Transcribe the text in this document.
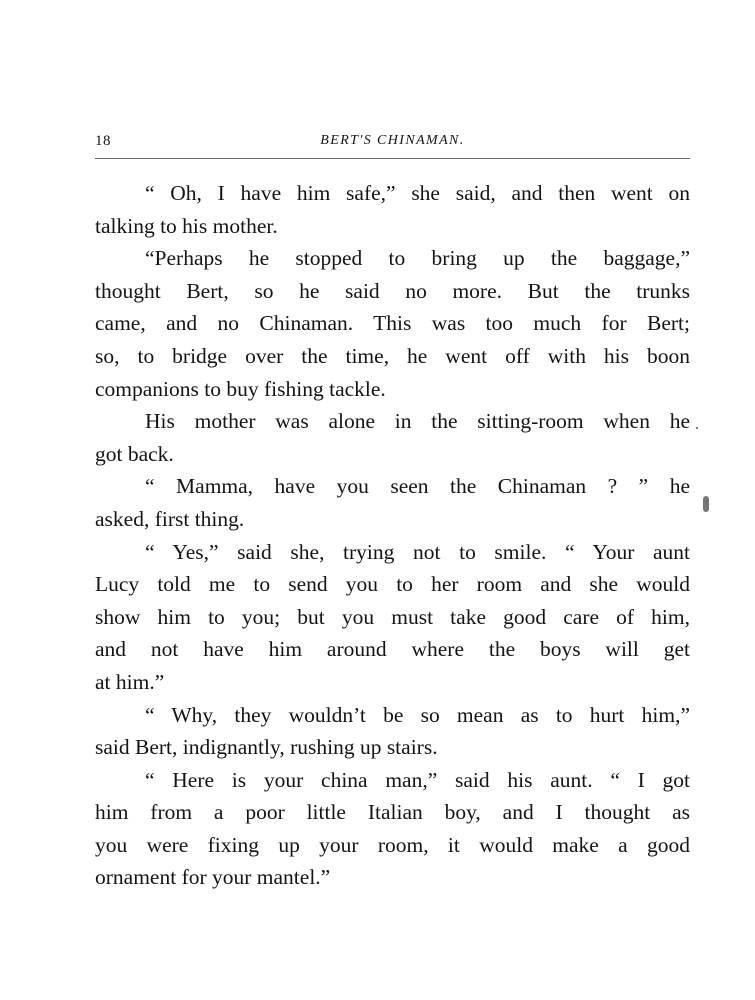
18	BERT'S CHINAMAN.
“ Oh, I have him safe,” she said, and then went on
talking to his mother.
“Perhaps he stopped to bring up the baggage,”
thought Bert, so he said no more. But the trunks
came, and no Chinaman. This was too much for Bert;
so, to bridge over the time, he went off with his boon
companions to buy fishing tackle.
His mother was alone in the sitting-room when he
got back.
“ Mamma, have you seen the Chinaman ? ” he
asked, first thing.
“ Yes,” said she, trying not to smile. “ Your aunt
Lucy told me to send you to her room and she would
show him to you; but you must take good care of him,
and not have him around where the boys will get
at him.”
“ Why, they wouldn’t be so mean as to hurt him,”
said Bert, indignantly, rushing up stairs.
“ Here is your china man,” said his aunt. “ I got
him from a poor little Italian boy, and I thought as
you were fixing up your room, it would make a good
ornament for your mantel.”
